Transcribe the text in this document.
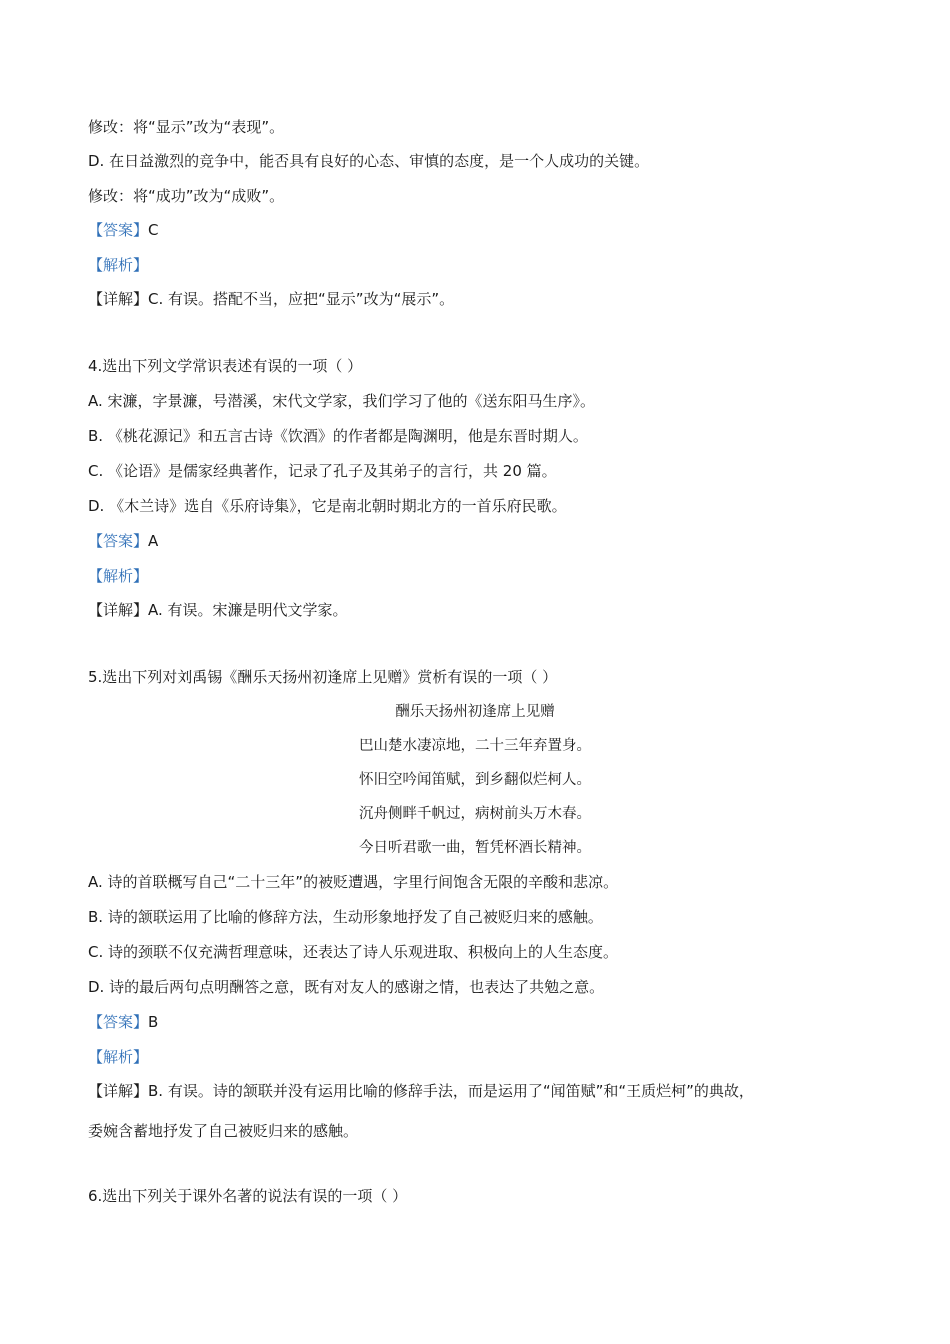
修改：将“显示”改为“表现”。
D. 在日益激烈的竞争中，能否具有良好的心态、审慎的态度，是一个人成功的关键。
修改：将“成功”改为“成败”。
【答案】C
【解析】
【详解】C. 有误。搭配不当，应把“显示”改为“展示”。
4.选出下列文学常识表述有误的一项（ ）
A. 宋濂，字景濂，号潜溪，宋代文学家，我们学习了他的《送东阳马生序》。
B. 《桃花源记》和五言古诗《饮酒》的作者都是陶渊明，他是东晋时期人。
C. 《论语》是儒家经典著作，记录了孔子及其弟子的言行，共 20 篇。
D. 《木兰诗》选自《乐府诗集》，它是南北朝时期北方的一首乐府民歌。
【答案】A
【解析】
【详解】A. 有误。宋濂是明代文学家。
5.选出下列对刘禹锡《酬乐天扬州初逢席上见赠》赏析有误的一项（ ）
酬乐天扬州初逢席上见赠
巴山楚水凄凉地，二十三年弃置身。
怀旧空吟闻笛赋，到乡翻似烂柯人。
沉舟侧畔千帆过，病树前头万木春。
今日听君歌一曲，暂凭杯酒长精神。
A. 诗的首联概写自己“二十三年”的被贬遭遇，字里行间饱含无限的辛酸和悲凉。
B. 诗的颔联运用了比喻的修辞方法，生动形象地抒发了自己被贬归来的感触。
C. 诗的颈联不仅充满哲理意味，还表达了诗人乐观进取、积极向上的人生态度。
D. 诗的最后两句点明酬答之意，既有对友人的感谢之情，也表达了共勉之意。
【答案】B
【解析】
【详解】B. 有误。诗的颔联并没有运用比喻的修辞手法，而是运用了“闻笛赋”和“王质烂柯”的典故，
委婉含蓄地抒发了自己被贬归来的感触。
6.选出下列关于课外名著的说法有误的一项（ ）
